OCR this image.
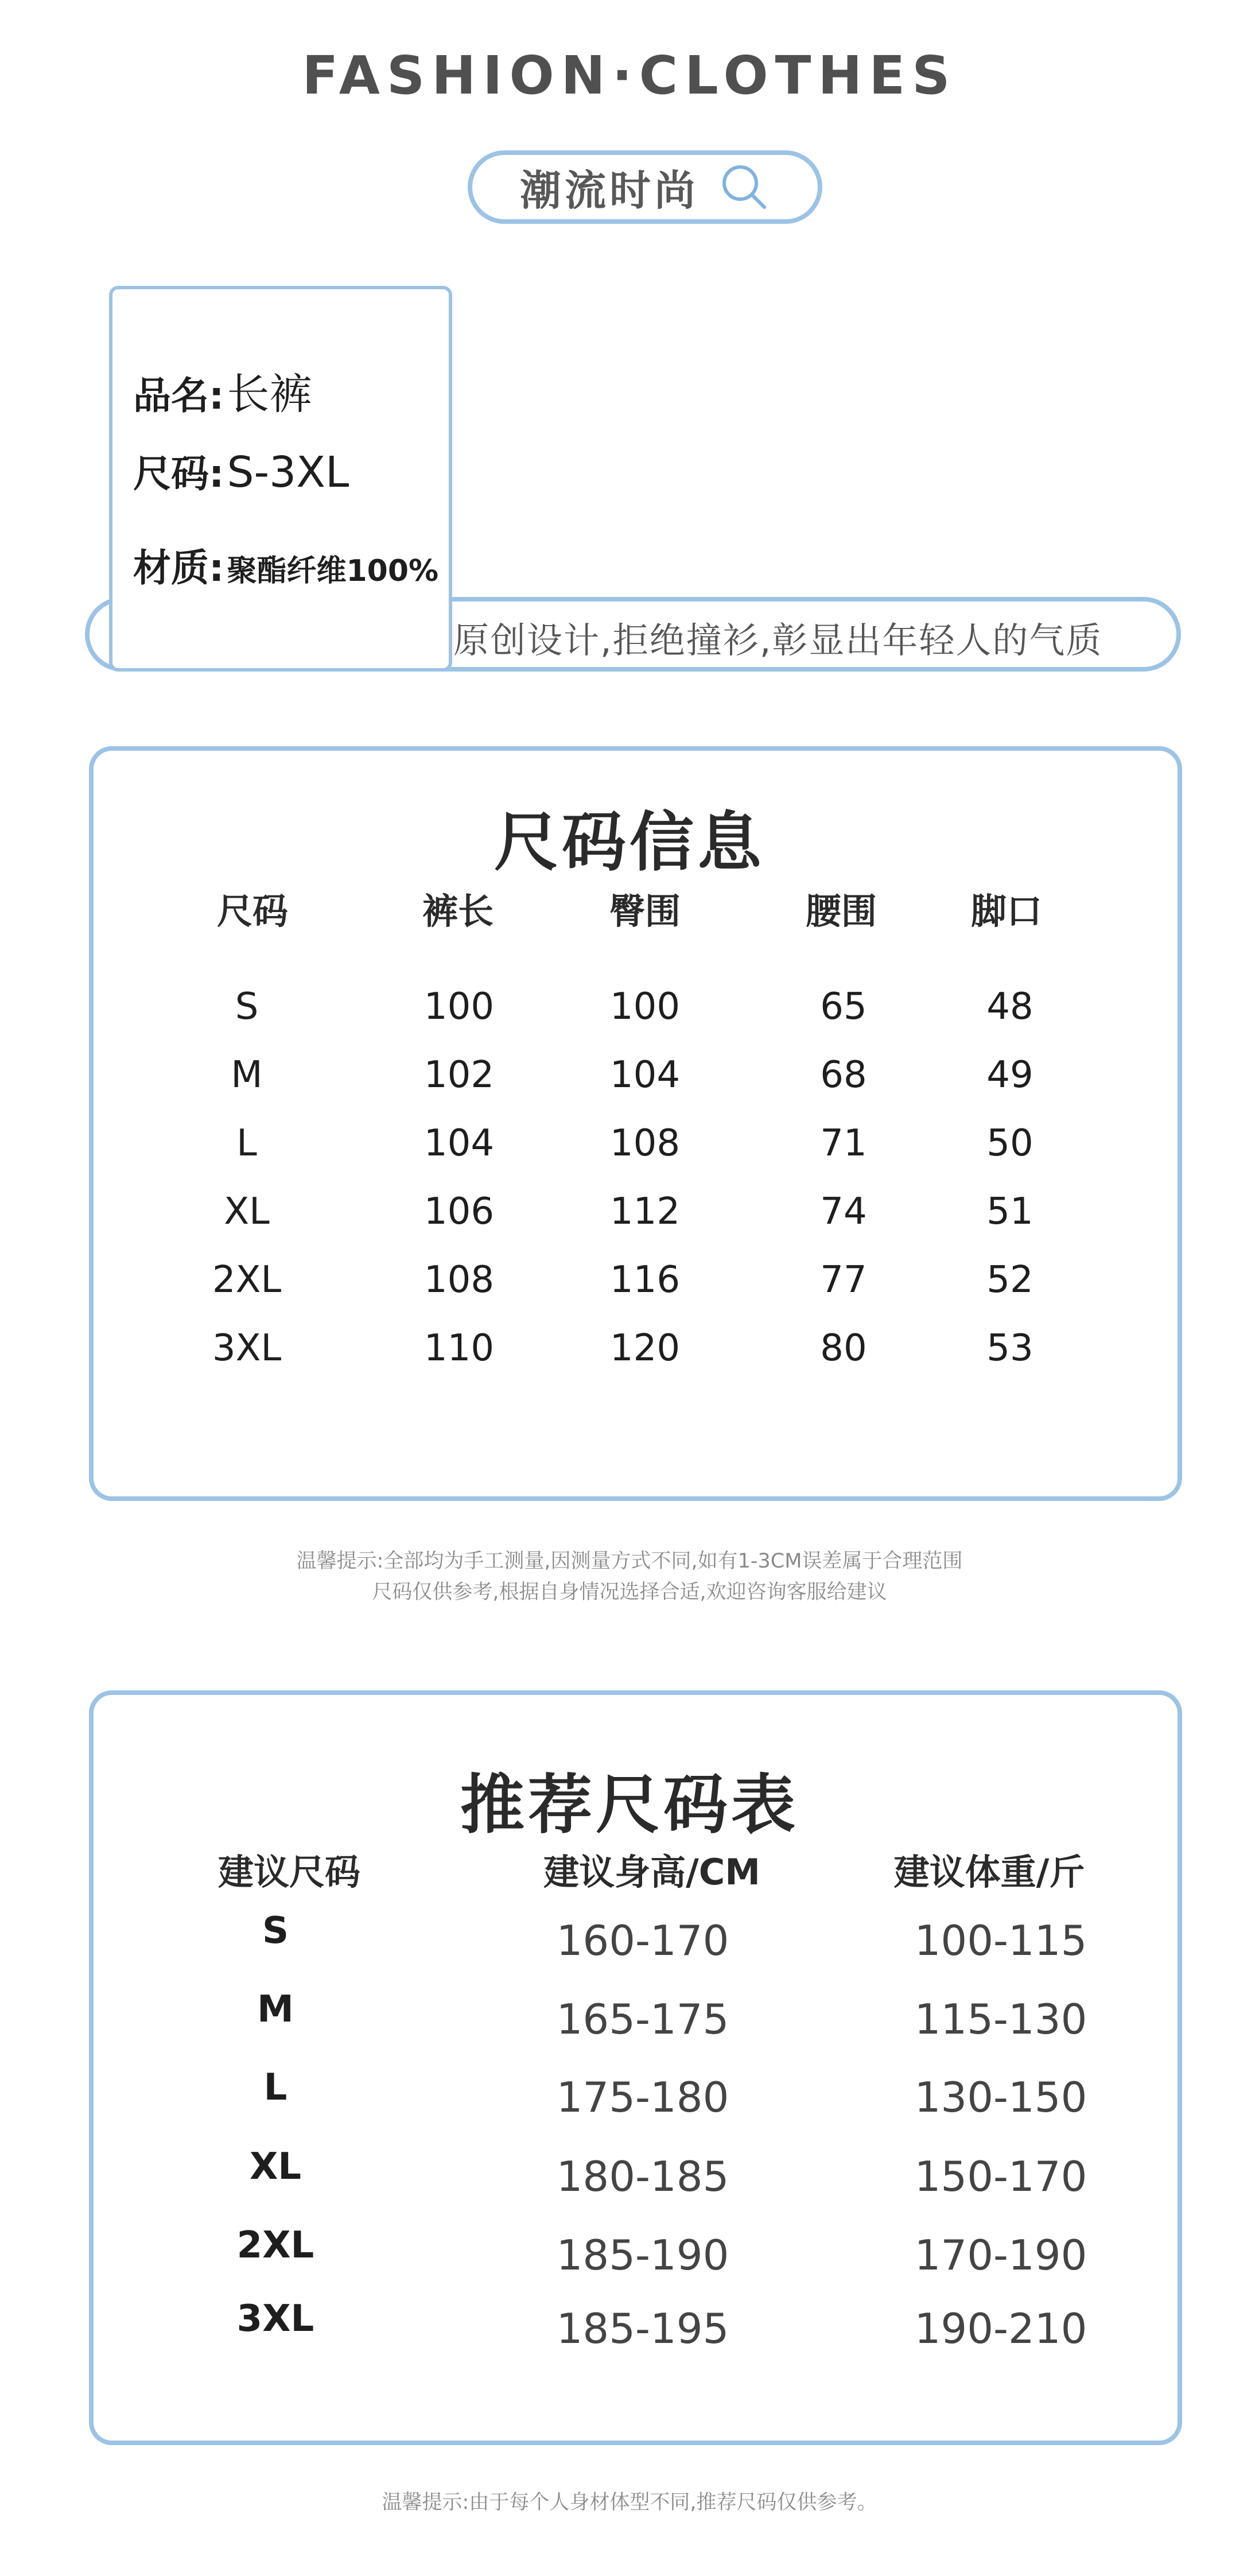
FASHION·CLOTHES
潮流时尚
原创设计,拒绝撞衫,彰显出年轻人的气质
品名: 长裤
尺码: S-3XL
材质: 聚酯纤维100%
尺码信息
尺码	裤长	臀围	腰围	脚口
S	100	100	65	48
M	102	104	68	49
L	104	108	71	50
XL	106	112	74	51
2XL	108	116	77	52
3XL	110	120	80	53
温馨提示:全部均为手工测量,因测量方式不同,如有1-3CM误差属于合理范围
尺码仅供参考,根据自身情况选择合适,欢迎咨询客服给建议
推荐尺码表
建议尺码	建议身高/CM	建议体重/斤
S	160-170	100-115
M	165-175	115-130
L	175-180	130-150
XL	180-185	150-170
2XL	185-190	170-190
3XL	185-195	190-210
温馨提示:由于每个人身材体型不同,推荐尺码仅供参考。
